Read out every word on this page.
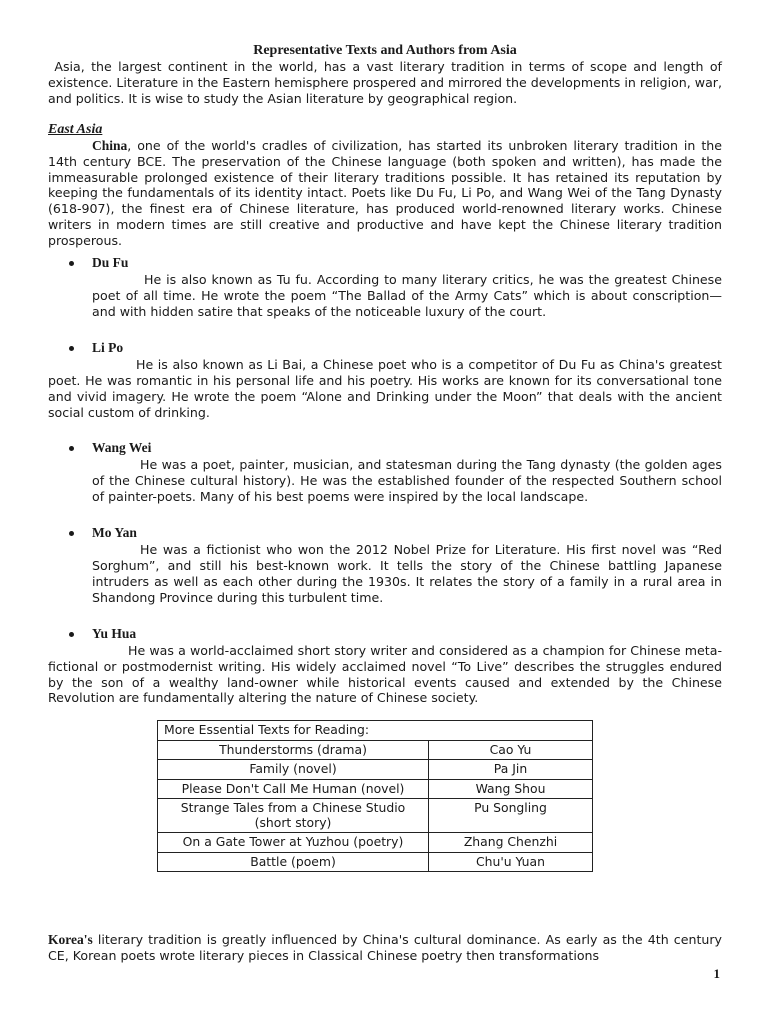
Representative Texts and Authors from Asia

Asia, the largest continent in the world, has a vast literary tradition in terms of scope and length of existence. Literature in the Eastern hemisphere prospered and mirrored the developments in religion, war, and politics. It is wise to study the Asian literature by geographical region.

East Asia

China, one of the world's cradles of civilization, has started its unbroken literary tradition in the 14th century BCE. The preservation of the Chinese language (both spoken and written), has made the immeasurable prolonged existence of their literary traditions possible. It has retained its reputation by keeping the fundamentals of its identity intact. Poets like Du Fu, Li Po, and Wang Wei of the Tang Dynasty (618-907), the finest era of Chinese literature, has produced world-renowned literary works. Chinese writers in modern times are still creative and productive and have kept the Chinese literary tradition prosperous.

Du Fu

He is also known as Tu fu. According to many literary critics, he was the greatest Chinese poet of all time. He wrote the poem “The Ballad of the Army Cats” which is about conscription—and with hidden satire that speaks of the noticeable luxury of the court.

Li Po

He is also known as Li Bai, a Chinese poet who is a competitor of Du Fu as China's greatest poet. He was romantic in his personal life and his poetry. His works are known for its conversational tone and vivid imagery. He wrote the poem “Alone and Drinking under the Moon” that deals with the ancient social custom of drinking.

Wang Wei

He was a poet, painter, musician, and statesman during the Tang dynasty (the golden ages of the Chinese cultural history). He was the established founder of the respected Southern school of painter-poets. Many of his best poems were inspired by the local landscape.

Mo Yan

He was a fictionist who won the 2012 Nobel Prize for Literature. His first novel was “Red Sorghum”, and still his best-known work. It tells the story of the Chinese battling Japanese intruders as well as each other during the 1930s. It relates the story of a family in a rural area in Shandong Province during this turbulent time.

Yu Hua

He was a world-acclaimed short story writer and considered as a champion for Chinese meta-fictional or postmodernist writing. His widely acclaimed novel “To Live” describes the struggles endured by the son of a wealthy land-owner while historical events caused and extended by the Chinese Revolution are fundamentally altering the nature of Chinese society.

More Essential Texts for Reading:	
Thunderstorms (drama)	Cao Yu
Family (novel)	Pa Jin
Please Don't Call Me Human (novel)	Wang Shou
Strange Tales from a Chinese Studio (short story)	Pu Songling
On a Gate Tower at Yuzhou (poetry)	Zhang Chenzhi
Battle (poem)	Chu'u Yuan

Korea's literary tradition is greatly influenced by China's cultural dominance. As early as the 4th century CE, Korean poets wrote literary pieces in Classical Chinese poetry then transformations

1
